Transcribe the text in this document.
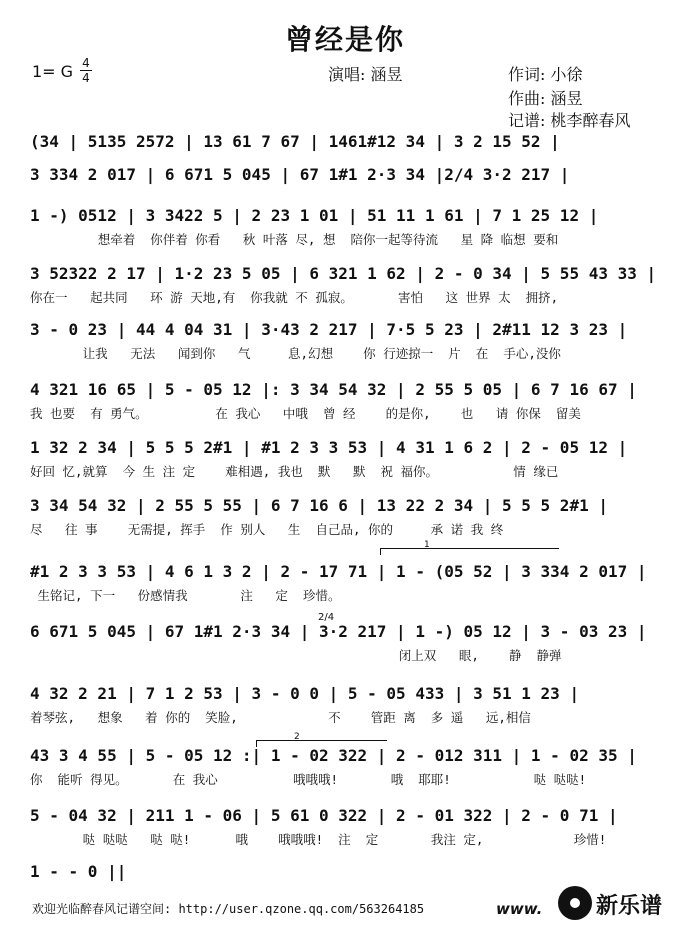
曾经是你
1= G 4
4	演唱: 涵昱	作词: 小徐
作曲: 涵昱
记谱: 桃李醉春风
(34 | 5135 2572 | 13 61 7 67 | 1461#12 34 | 3 2 15 52 |
3 334 2 017 | 6 671 5 045 | 67 1#1 2·3 34 |2/4 3·2 217 |
1 -) 0512 | 3 3422 5 | 2 23 1 01 | 51 11 1 61 | 7 1 25 12 |
想牵着  你伴着 你看   秋 叶落 尽, 想  陪你一起等待流   星 降 临想 要和
3 52322 2 17 | 1·2 23 5 05 | 6 321 1 62 | 2 - 0 34 | 5 55 43 33 |
你在一   起共同   环 游 天地,有  你我就 不 孤寂。      害怕   这 世界 太  拥挤,
3 - 0 23 | 44 4 04 31 | 3·43 2 217 | 7·5 5 23 | 2#11 12 3 23 |
让我   无法   闻到你   气     息,幻想    你 行迹掠一  片  在  手心,没你
4 321 16 65 | 5 - 05 12 |: 3 34 54 32 | 2 55 5 05 | 6 7 16 67 |
我 也要  有 勇气。         在 我心   中哦  曾 经    的是你,    也   请 你保  留美
1 32 2 34 | 5 5 5 2#1 | #1 2 3 3 53 | 4 31 1 6 2 | 2 - 05 12 |
好回 忆,就算  今 生 注 定    难相遇, 我也  默   默  祝 福你。          情 缘已
3 34 54 32 | 2 55 5 55 | 6 7 16 6 | 13 22 2 34 | 5 5 5 2#1 |
尽   往 事    无需提, 挥手  作 别人   生  自己品, 你的     承 诺 我 终
#1 2 3 3 53 | 4 6 1 3 2 | 2 - 17 71 | 1 - (05 52 | 3 334 2 017 |
生铭记, 下一   份感情我       注   定  珍惜。
6 671 5 045 | 67 1#1 2·3 34 | 3·2 217 | 1 -) 05 12 | 3 - 03 23 |
闭上双   眼,    静  静弹
4 32 2 21 | 7 1 2 53 | 3 - 0 0 | 5 - 05 433 | 3 51 1 23 |
着琴弦,   想象   着 你的  笑脸,            不    管距 离  多 遥   远,相信
43 3 4 55 | 5 - 05 12 :| 1 - 02 322 | 2 - 012 311 | 1 - 02 35 |
你  能听 得见。      在 我心          哦哦哦!       哦  耶耶!           哒 哒哒!
5 - 04 32 | 211 1 - 06 | 5 61 0 322 | 2 - 01 322 | 2 - 0 71 |
哒 哒哒   哒 哒!      哦    哦哦哦!  注  定       我注 定,            珍惜!
1 - - 0 ||
2/4
1
2
欢迎光临醉春风记谱空间: http://user.qzone.qq.com/563264185	www. 新乐谱
